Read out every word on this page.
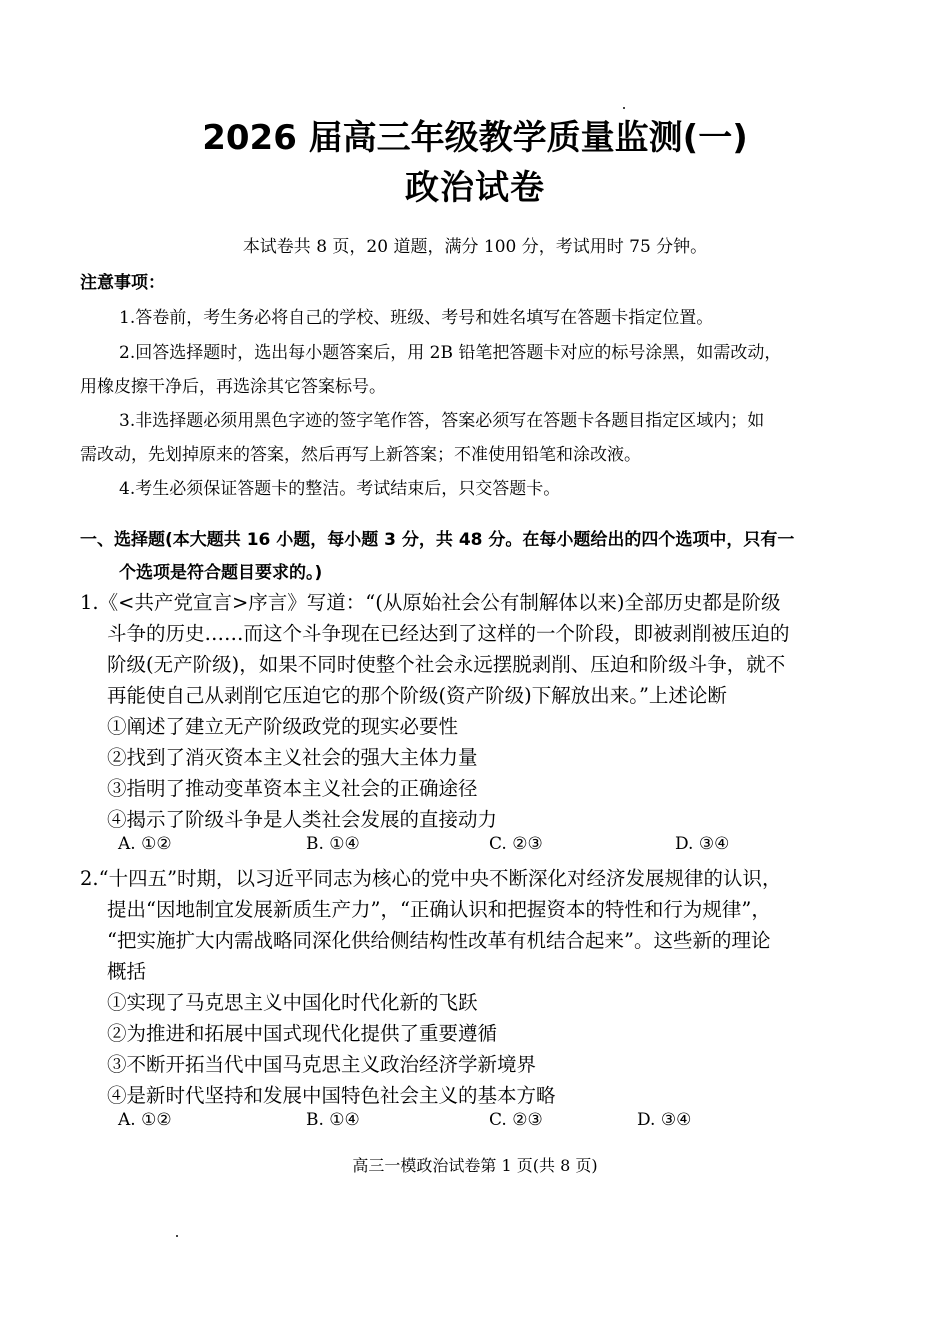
2026 届高三年级教学质量监测(一)
政治试卷
本试卷共 8 页，20 道题，满分 100 分，考试用时 75 分钟。
注意事项：
1.答卷前，考生务必将自己的学校、班级、考号和姓名填写在答题卡指定位置。
2.回答选择题时，选出每小题答案后，用 2B 铅笔把答题卡对应的标号涂黑，如需改动，
用橡皮擦干净后，再选涂其它答案标号。
3.非选择题必须用黑色字迹的签字笔作答，答案必须写在答题卡各题目指定区域内；如
需改动，先划掉原来的答案，然后再写上新答案；不准使用铅笔和涂改液。
4.考生必须保证答题卡的整洁。考试结束后，只交答题卡。
一、选择题(本大题共 16 小题，每小题 3 分，共 48 分。在每小题给出的四个选项中，只有一
个选项是符合题目要求的。)
1.《<共产党宣言>序言》写道：“(从原始社会公有制解体以来)全部历史都是阶级
斗争的历史……而这个斗争现在已经达到了这样的一个阶段，即被剥削被压迫的
阶级(无产阶级)，如果不同时使整个社会永远摆脱剥削、压迫和阶级斗争，就不
再能使自己从剥削它压迫它的那个阶级(资产阶级)下解放出来。”上述论断
①阐述了建立无产阶级政党的现实必要性
②找到了消灭资本主义社会的强大主体力量
③指明了推动变革资本主义社会的正确途径
④揭示了阶级斗争是人类社会发展的直接动力
A. ①②	B. ①④	C. ②③	D. ③④
2.“十四五”时期，以习近平同志为核心的党中央不断深化对经济发展规律的认识，
提出“因地制宜发展新质生产力”，“正确认识和把握资本的特性和行为规律”，
“把实施扩大内需战略同深化供给侧结构性改革有机结合起来”。这些新的理论
概括
①实现了马克思主义中国化时代化新的飞跃
②为推进和拓展中国式现代化提供了重要遵循
③不断开拓当代中国马克思主义政治经济学新境界
④是新时代坚持和发展中国特色社会主义的基本方略
A. ①②	B. ①④	C. ②③	D. ③④
高三一模政治试卷第 1 页(共 8 页)
